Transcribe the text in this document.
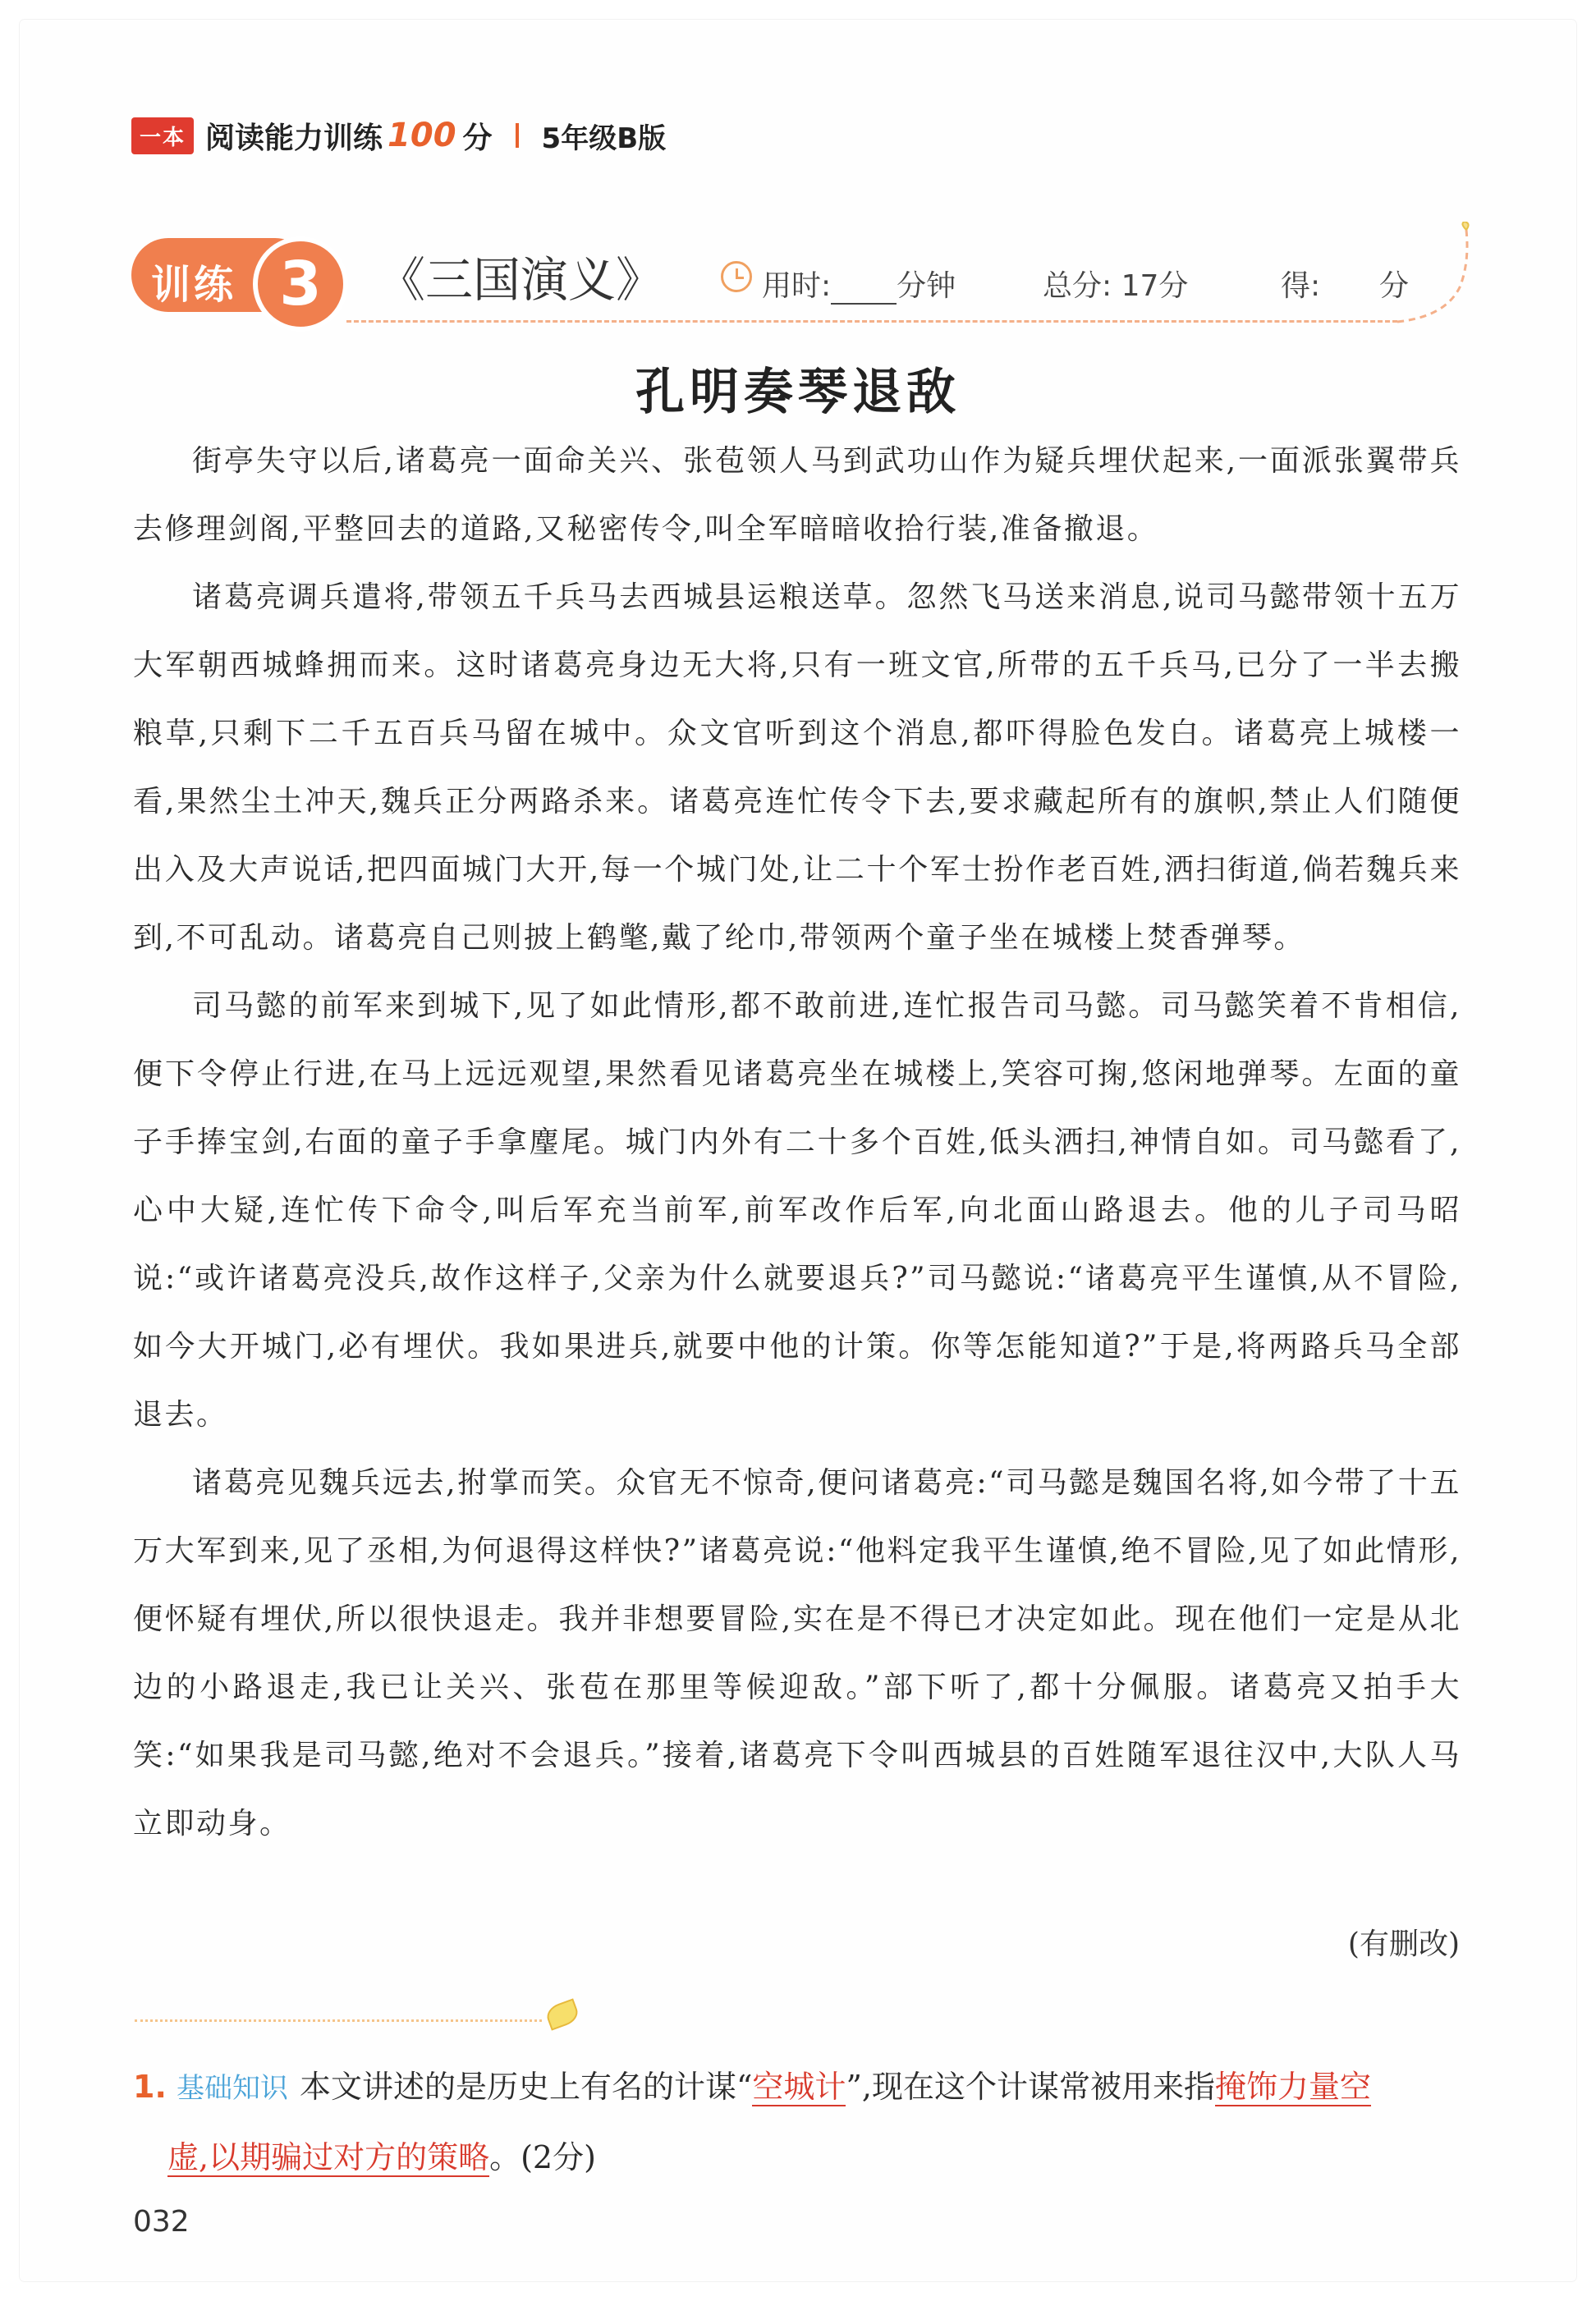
一本 阅读能力训练 100 分 5年级B版
训练 3 《三国演义》	用时: 分钟	总分: 17分	得: 分
孔明奏琴退敌

街亭失守以后,诸葛亮一面命关兴、张苞领人马到武功山作为疑兵埋伏起来,一面派张翼带兵去修理剑阁,平整回去的道路,又秘密传令,叫全军暗暗收拾行装,准备撤退。

诸葛亮调兵遣将,带领五千兵马去西城县运粮送草。忽然飞马送来消息,说司马懿带领十五万大军朝西城蜂拥而来。这时诸葛亮身边无大将,只有一班文官,所带的五千兵马,已分了一半去搬粮草,只剩下二千五百兵马留在城中。众文官听到这个消息,都吓得脸色发白。诸葛亮上城楼一看,果然尘土冲天,魏兵正分两路杀来。诸葛亮连忙传令下去,要求藏起所有的旗帜,禁止人们随便出入及大声说话,把四面城门大开,每一个城门处,让二十个军士扮作老百姓,洒扫街道,倘若魏兵来到,不可乱动。诸葛亮自己则披上鹤氅,戴了纶巾,带领两个童子坐在城楼上焚香弹琴。

司马懿的前军来到城下,见了如此情形,都不敢前进,连忙报告司马懿。司马懿笑着不肯相信,便下令停止行进,在马上远远观望,果然看见诸葛亮坐在城楼上,笑容可掬,悠闲地弹琴。左面的童子手捧宝剑,右面的童子手拿麈尾。城门内外有二十多个百姓,低头洒扫,神情自如。司马懿看了,心中大疑,连忙传下命令,叫后军充当前军,前军改作后军,向北面山路退去。他的儿子司马昭说:“或许诸葛亮没兵,故作这样子,父亲为什么就要退兵?”司马懿说:“诸葛亮平生谨慎,从不冒险,如今大开城门,必有埋伏。我如果进兵,就要中他的计策。你等怎能知道?”于是,将两路兵马全部退去。

诸葛亮见魏兵远去,拊掌而笑。众官无不惊奇,便问诸葛亮:“司马懿是魏国名将,如今带了十五万大军到来,见了丞相,为何退得这样快?”诸葛亮说:“他料定我平生谨慎,绝不冒险,见了如此情形,便怀疑有埋伏,所以很快退走。我并非想要冒险,实在是不得已才决定如此。现在他们一定是从北边的小路退走,我已让关兴、张苞在那里等候迎敌。”部下听了,都十分佩服。诸葛亮又拍手大笑:“如果我是司马懿,绝对不会退兵。”接着,诸葛亮下令叫西城县的百姓随军退往汉中,大队人马立即动身。

(有删改)
1. 基础知识 本文讲述的是历史上有名的计谋“空城计”,现在这个计谋常被用来指掩饰力量空
虚,以期骗过对方的策略。(2分)
032
